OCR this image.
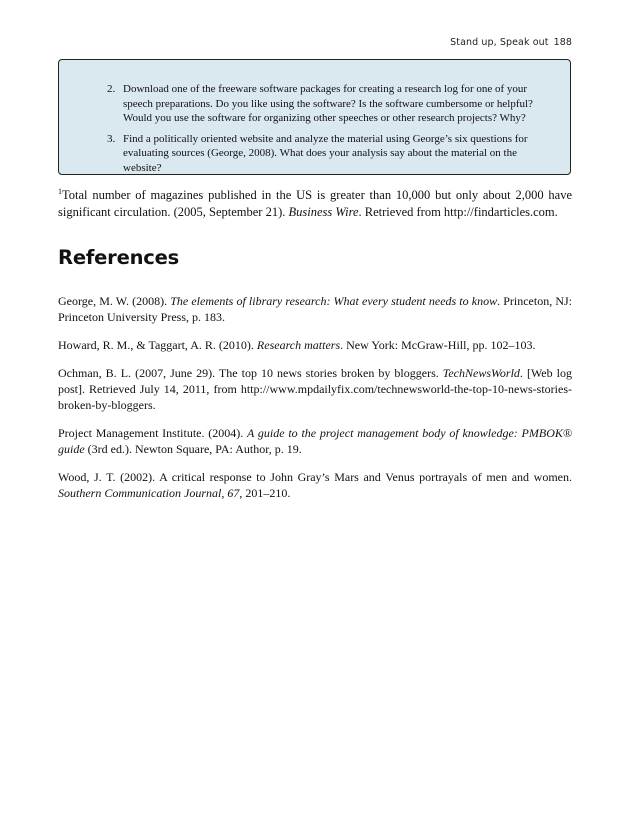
Stand up, Speak out 188
2. Download one of the freeware software packages for creating a research log for one of your speech preparations. Do you like using the software? Is the software cumbersome or helpful? Would you use the software for organizing other speeches or other research projects? Why?
3. Find a politically oriented website and analyze the material using George’s six questions for evaluating sources (George, 2008). What does your analysis say about the material on the website?

$^1$Total number of magazines published in the US is greater than 10,000 but only about 2,000 have significant circulation. (2005, September 21). Business Wire. Retrieved from http://findarticles.com.

References

George, M. W. (2008). The elements of library research: What every student needs to know. Princeton, NJ: Princeton University Press, p. 183.

Howard, R. M., & Taggart, A. R. (2010). Research matters. New York: McGraw-Hill, pp. 102–103.

Ochman, B. L. (2007, June 29). The top 10 news stories broken by bloggers. TechNewsWorld. [Web log post]. Retrieved July 14, 2011, from http://www.mpdailyfix.com/technewsworld-the-top-10-news-stories-broken-by-bloggers.

Project Management Institute. (2004). A guide to the project management body of knowledge: PMBOK® guide (3rd ed.). Newton Square, PA: Author, p. 19.

Wood, J. T. (2002). A critical response to John Gray’s Mars and Venus portrayals of men and women. Southern Communication Journal, 67, 201–210.
